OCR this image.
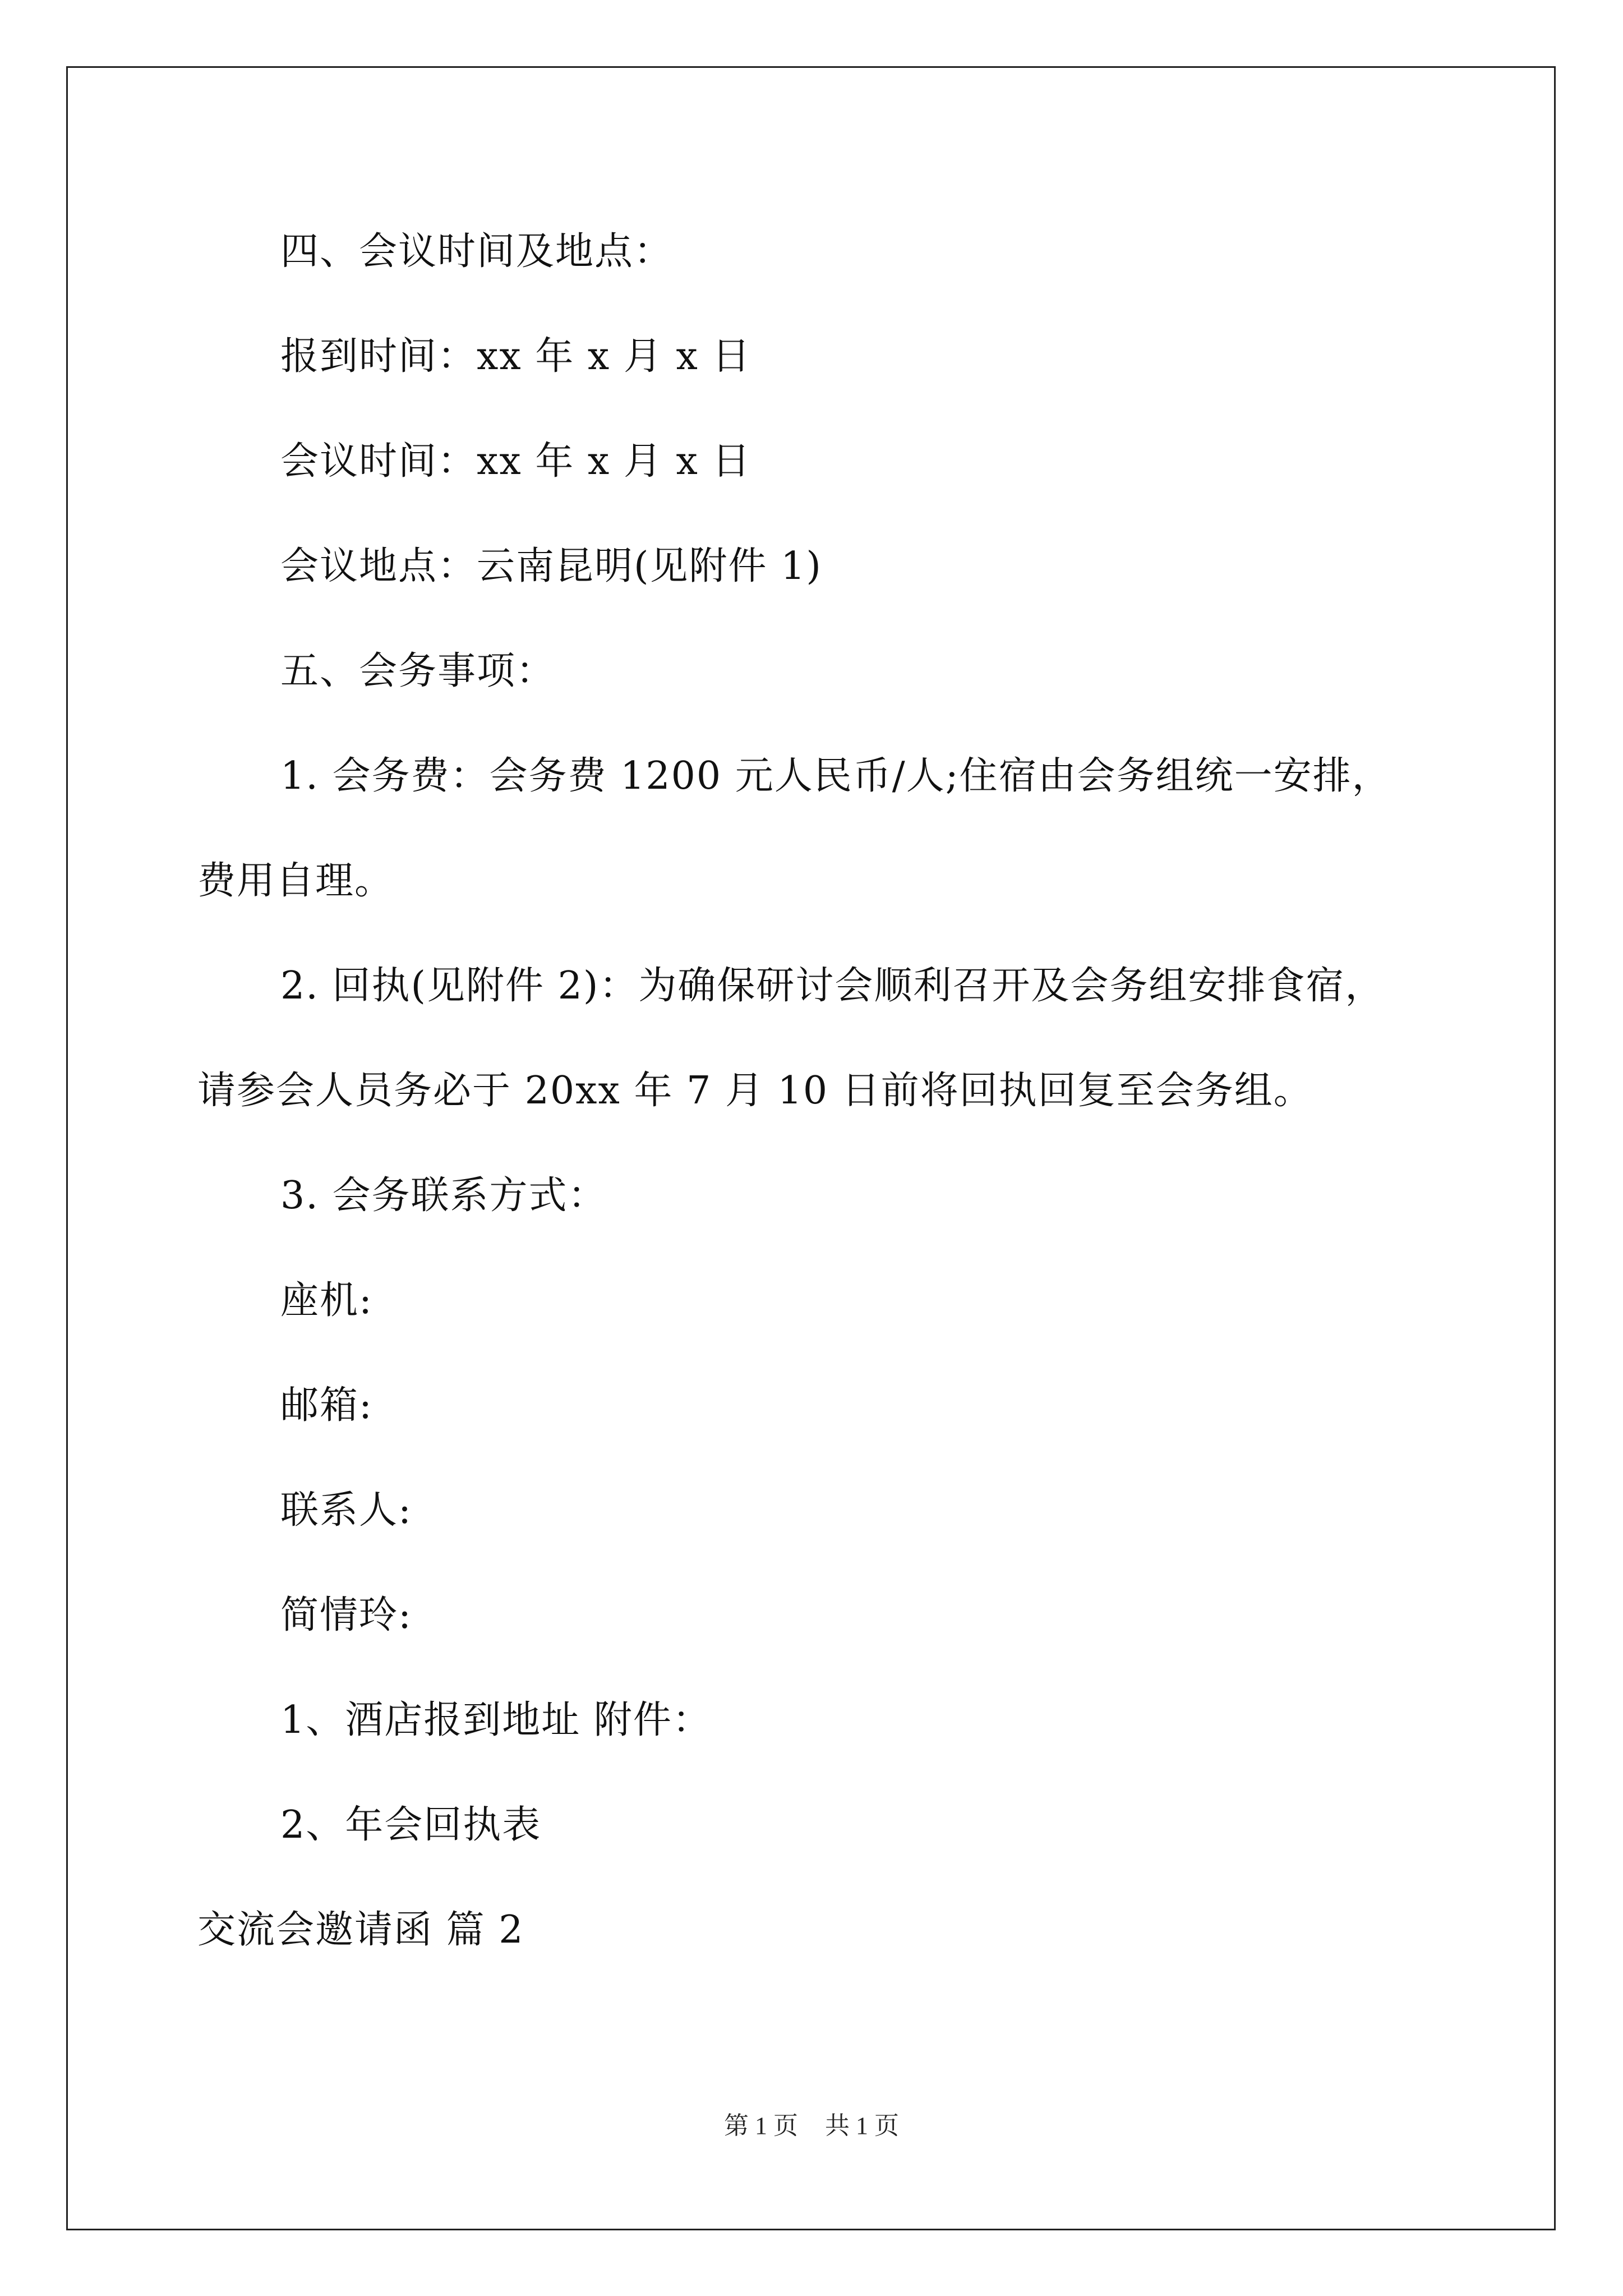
四、会议时间及地点：
报到时间：xx 年 x 月 x 日
会议时间：xx 年 x 月 x 日
会议地点：云南昆明(见附件 1)
五、会务事项：
1. 会务费：会务费 1200 元人民币/人;住宿由会务组统一安排，
费用自理。
2. 回执(见附件 2)：为确保研讨会顺利召开及会务组安排食宿，
请参会人员务必于 20xx 年 7 月 10 日前将回执回复至会务组。
3. 会务联系方式：
座机:
邮箱:
联系人:
简情玲:
1、酒店报到地址 附件：
2、年会回执表
交流会邀请函 篇 2
第 1 页 共 1 页
